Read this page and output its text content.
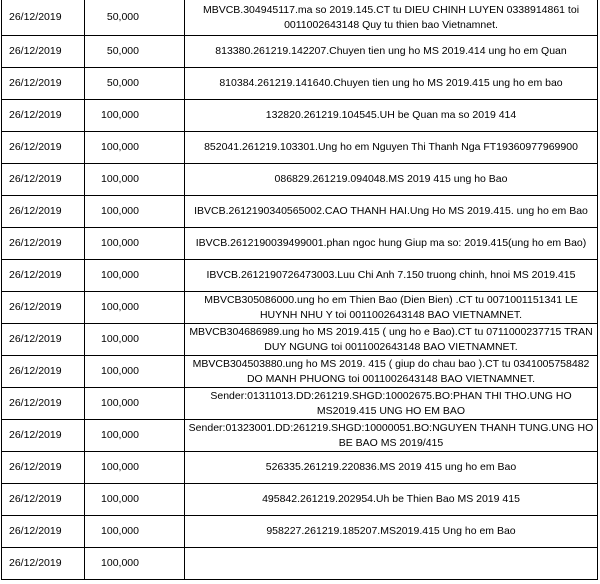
26/12/2019	50,000	MBVCB.304945117.ma so 2019.145.CT tu DIEU CHINH LUYEN 0338914861 toi 0011002643148 Quy tu thien bao Vietnamnet.
26/12/2019	50,000	813380.261219.142207.Chuyen tien ung ho MS 2019.414 ung ho em Quan
26/12/2019	50,000	810384.261219.141640.Chuyen tien ung ho MS 2019.415 ung ho em bao
26/12/2019	100,000	132820.261219.104545.UH be Quan ma so 2019 414
26/12/2019	100,000	852041.261219.103301.Ung ho em Nguyen Thi Thanh Nga FT19360977969900
26/12/2019	100,000	086829.261219.094048.MS 2019 415 ung ho Bao
26/12/2019	100,000	IBVCB.2612190340565002.CAO THANH HAI.Ung Ho MS 2019.415. ung ho em Bao
26/12/2019	100,000	IBVCB.2612190039499001.phan ngoc hung Giup ma so: 2019.415(ung ho em Bao)
26/12/2019	100,000	IBVCB.2612190726473003.Luu Chi Anh 7.150 truong chinh, hnoi MS 2019.415
26/12/2019	100,000	MBVCB305086000.ung ho em Thien Bao (Dien Bien) .CT tu 0071001151341 LE HUYNH NHU Y toi 0011002643148 BAO VIETNAMNET.
26/12/2019	100,000	MBVCB304686989.ung ho MS 2019.415 ( ung ho e Bao).CT tu 0711000237715 TRAN DUY NGUNG toi 0011002643148 BAO VIETNAMNET.
26/12/2019	100,000	MBVCB304503880.ung ho MS 2019. 415 ( giup do chau bao ).CT tu 0341005758482 DO MANH PHUONG toi 0011002643148 BAO VIETNAMNET.
26/12/2019	100,000	Sender:01311013.DD:261219.SHGD:10002675.BO:PHAN THI THO.UNG HO MS2019.415 UNG HO EM BAO
26/12/2019	100,000	Sender:01323001.DD:261219.SHGD:10000051.BO:NGUYEN THANH TUNG.UNG HO BE BAO MS 2019/415
26/12/2019	100,000	526335.261219.220836.MS 2019 415 ung ho em Bao
26/12/2019	100,000	495842.261219.202954.Uh be Thien Bao MS 2019 415
26/12/2019	100,000	958227.261219.185207.MS2019.415 Ung ho em Bao
26/12/2019	100,000	
